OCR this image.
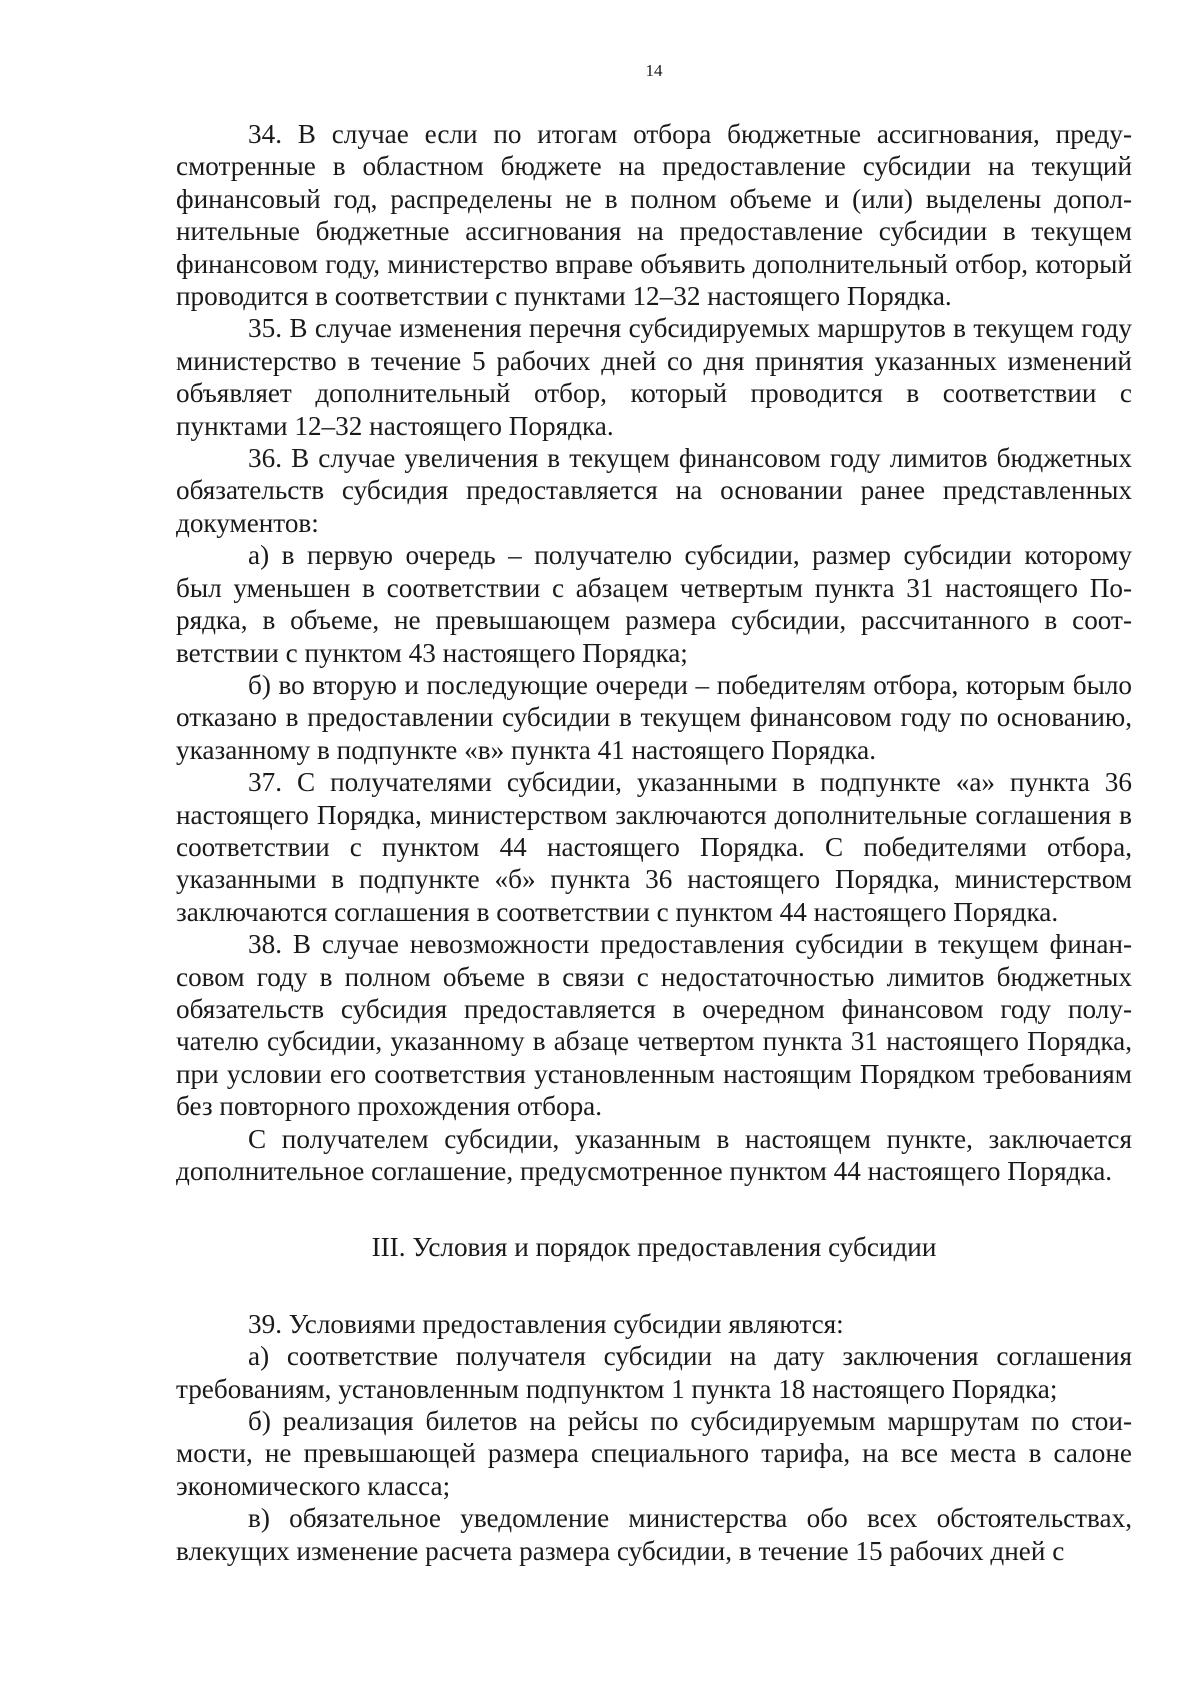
14

34. В случае если по итогам отбора бюджетные ассигнования, предусмотренные в областном бюджете на предоставление субсидии на текущий финансовый год, распределены не в полном объеме и (или) выделены дополнительные бюджетные ассигнования на предоставление субсидии в текущем финансовом году, министерство вправе объявить дополнительный отбор, который проводится в соответствии с пунктами 12–32 настоящего Порядка.

35. В случае изменения перечня субсидируемых маршрутов в текущем году министерство в течение 5 рабочих дней со дня принятия указанных изменений объявляет дополнительный отбор, который проводится в соответствии с пунктами 12–32 настоящего Порядка.

36. В случае увеличения в текущем финансовом году лимитов бюджетных обязательств субсидия предоставляется на основании ранее представленных документов:

а) в первую очередь – получателю субсидии, размер субсидии которому был уменьшен в соответствии с абзацем четвертым пункта 31 настоящего Порядка, в объеме, не превышающем размера субсидии, рассчитанного в соответствии с пунктом 43 настоящего Порядка;

б) во вторую и последующие очереди – победителям отбора, которым было отказано в предоставлении субсидии в текущем финансовом году по основанию, указанному в подпункте «в» пункта 41 настоящего Порядка.

37. С получателями субсидии, указанными в подпункте «а» пункта 36 настоящего Порядка, министерством заключаются дополнительные соглашения в соответствии с пунктом 44 настоящего Порядка. С победителями отбора, указанными в подпункте «б» пункта 36 настоящего Порядка, министерством заключаются соглашения в соответствии с пунктом 44 настоящего Порядка.

38. В случае невозможности предоставления субсидии в текущем финансовом году в полном объеме в связи с недостаточностью лимитов бюджетных обязательств субсидия предоставляется в очередном финансовом году получателю субсидии, указанному в абзаце четвертом пункта 31 настоящего Порядка, при условии его соответствия установленным настоящим Порядком требованиям без повторного прохождения отбора.

С получателем субсидии, указанным в настоящем пункте, заключается дополнительное соглашение, предусмотренное пунктом 44 настоящего Порядка.

III. Условия и порядок предоставления субсидии

39. Условиями предоставления субсидии являются:

а) соответствие получателя субсидии на дату заключения соглашения требованиям, установленным подпунктом 1 пункта 18 настоящего Порядка;

б) реализация билетов на рейсы по субсидируемым маршрутам по стоимости, не превышающей размера специального тарифа, на все места в салоне экономического класса;

в) обязательное уведомление министерства обо всех обстоятельствах, влекущих изменение расчета размера субсидии, в течение 15 рабочих дней с
